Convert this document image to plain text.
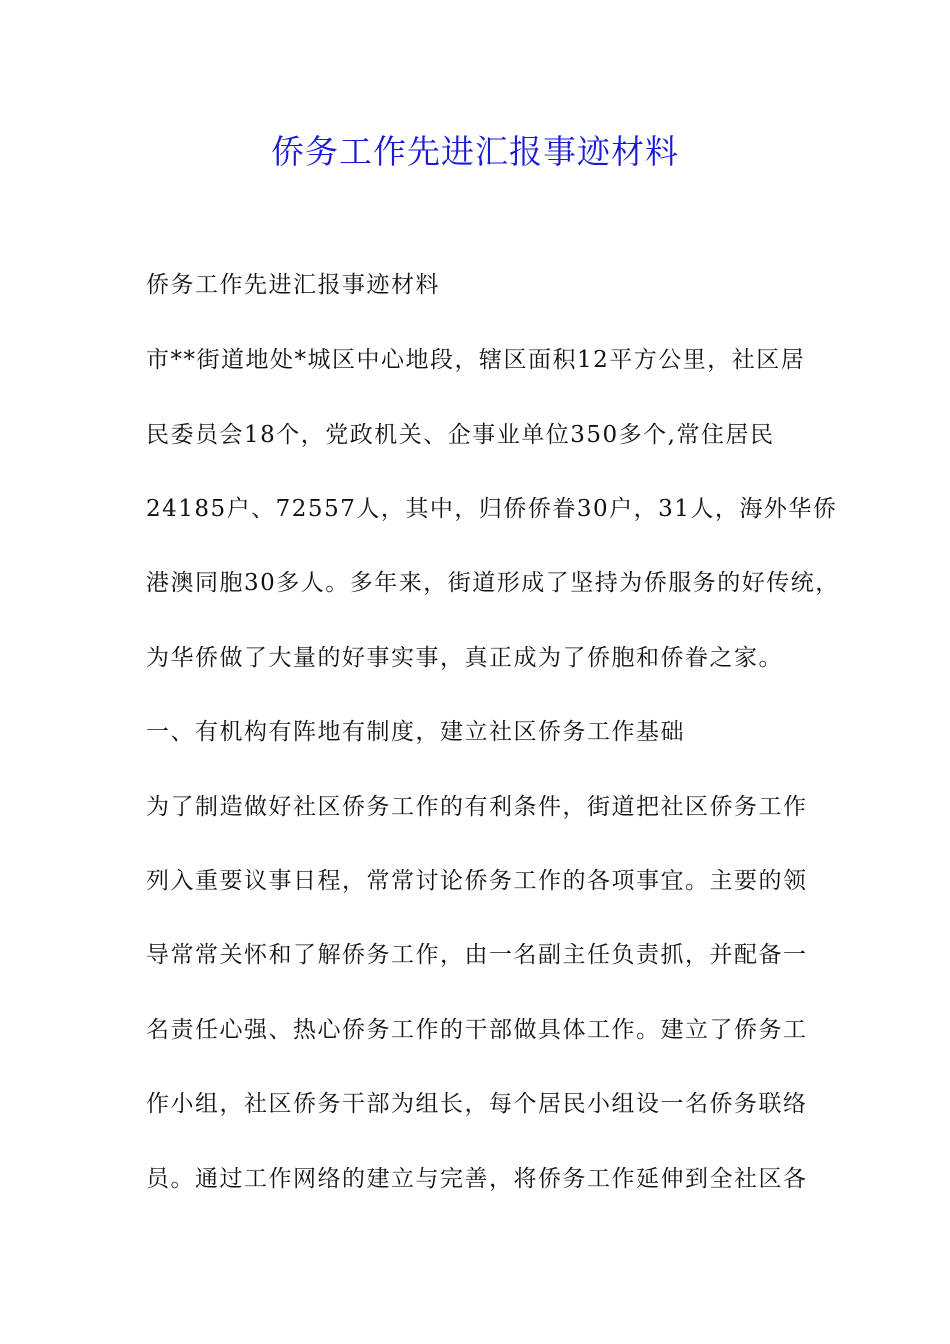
侨务工作先进汇报事迹材料
侨务工作先进汇报事迹材料
市**街道地处*城区中心地段，辖区面积12平方公里，社区居
民委员会18个，党政机关、企事业单位350多个,常住居民
24185户、72557人，其中，归侨侨眷30户，31人，海外华侨
港澳同胞30多人。多年来，街道形成了坚持为侨服务的好传统，
为华侨做了大量的好事实事，真正成为了侨胞和侨眷之家。
一、有机构有阵地有制度，建立社区侨务工作基础
为了制造做好社区侨务工作的有利条件，街道把社区侨务工作
列入重要议事日程，常常讨论侨务工作的各项事宜。主要的领
导常常关怀和了解侨务工作，由一名副主任负责抓，并配备一
名责任心强、热心侨务工作的干部做具体工作。建立了侨务工
作小组，社区侨务干部为组长，每个居民小组设一名侨务联络
员。通过工作网络的建立与完善，将侨务工作延伸到全社区各
